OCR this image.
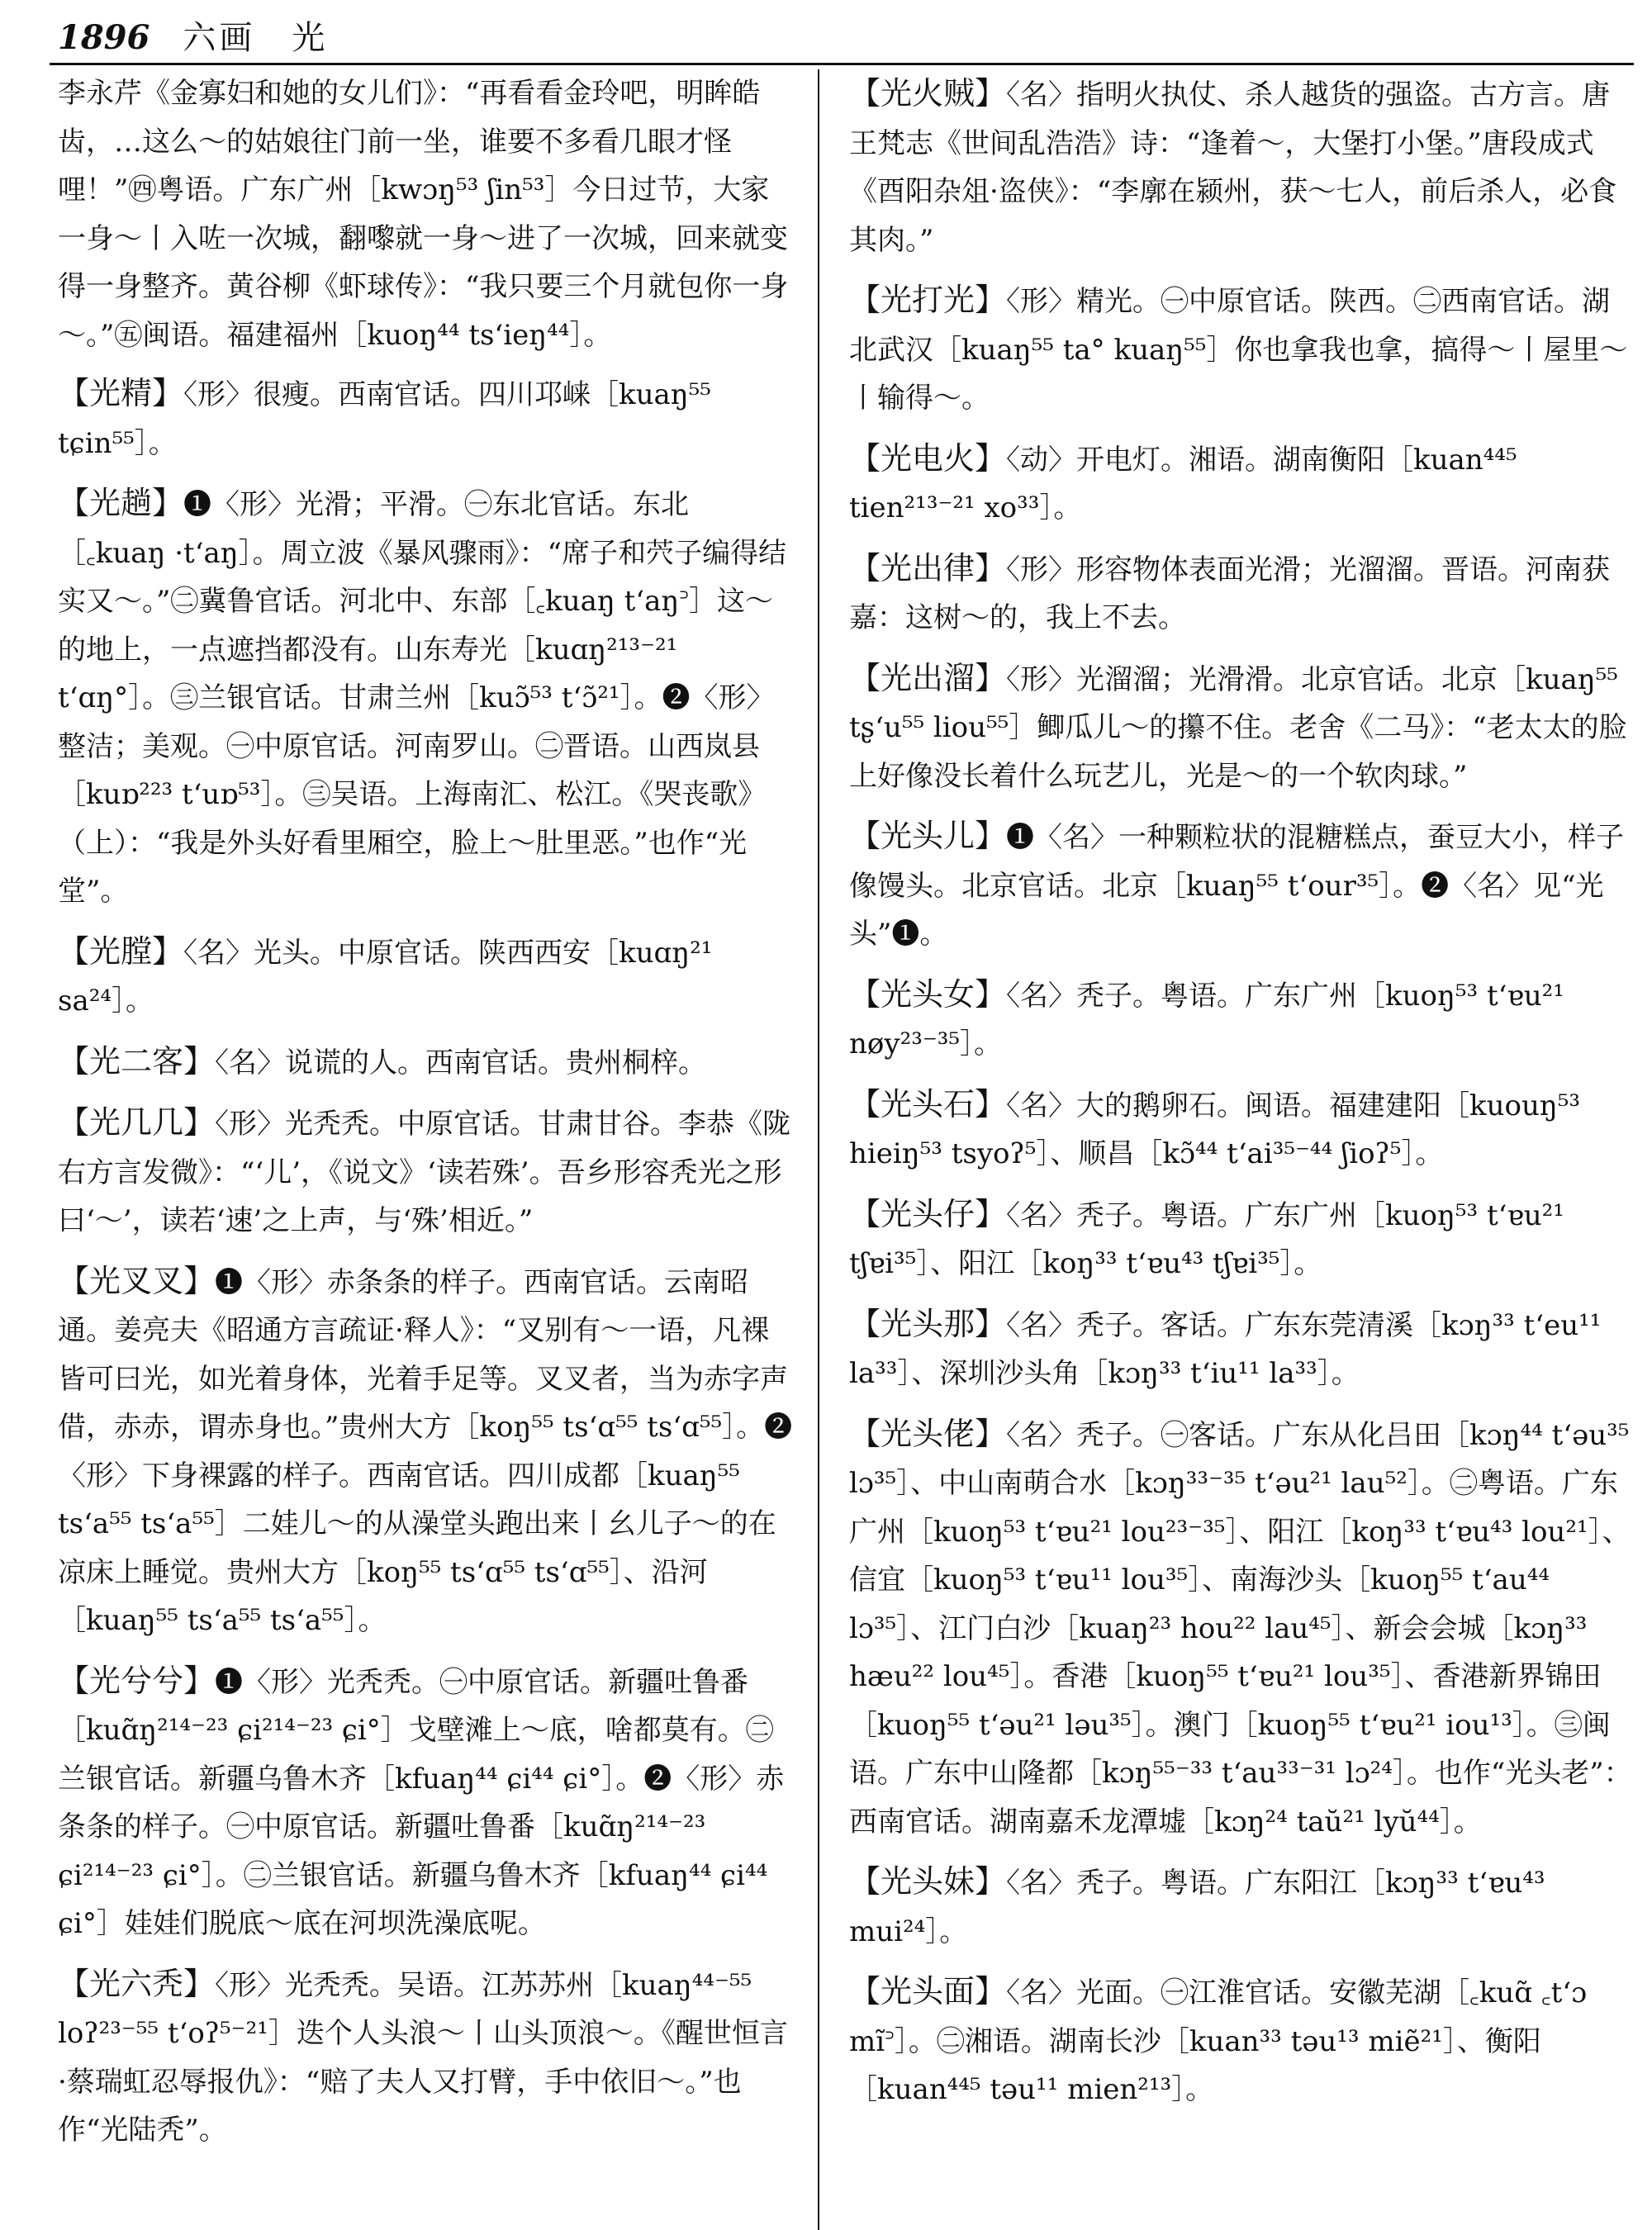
1896 六画　光

李永芹《金寡妇和她的女儿们》：“再看看金玲吧，明眸皓齿，…这么～的姑娘往门前一坐，谁要不多看几眼才怪哩！”㊃粤语。广东广州［kwɔŋ⁵³ ʃin⁵³］今日过节，大家一身～丨入咗一次城，翻嚟就一身～进了一次城，回来就变得一身整齐。黄谷柳《虾球传》：“我只要三个月就包你一身～。”㊄闽语。福建福州［kuoŋ⁴⁴ ts‘ieŋ⁴⁴］。

【光精】〈形〉很瘦。西南官话。四川邛崃［kuaŋ⁵⁵ tɕin⁵⁵］。

【光趟】❶〈形〉光滑；平滑。㊀东北官话。东北［꜀kuaŋ ·t‘aŋ］。周立波《暴风骤雨》：“席子和茓子编得结实又～。”㊁冀鲁官话。河北中、东部［꜀kuaŋ t‘aŋ꜄］这～的地上，一点遮挡都没有。山东寿光［kuɑŋ²¹³⁻²¹ t‘ɑŋ°］。㊂兰银官话。甘肃兰州［kuɔ̃⁵³ t‘ɔ̃²¹］。❷〈形〉整洁；美观。㊀中原官话。河南罗山。㊁晋语。山西岚县［kuɒ²²³ t‘uɒ⁵³］。㊂吴语。上海南汇、松江。《哭丧歌》（上）：“我是外头好看里厢空，脸上～肚里恶。”也作“光堂”。

【光膛】〈名〉光头。中原官话。陕西西安［kuɑŋ²¹ sa²⁴］。

【光二客】〈名〉说谎的人。西南官话。贵州桐梓。

【光几几】〈形〉光秃秃。中原官话。甘肃甘谷。李恭《陇右方言发微》：“‘儿’，《说文》‘读若殊’。吾乡形容秃光之形曰‘～’，读若‘速’之上声，与‘殊’相近。”

【光叉叉】❶〈形〉赤条条的样子。西南官话。云南昭通。姜亮夫《昭通方言疏证·释人》：“叉别有～一语，凡裸皆可曰光，如光着身体，光着手足等。叉叉者，当为赤字声借，赤赤，谓赤身也。”贵州大方［koŋ⁵⁵ ts‘ɑ⁵⁵ ts‘ɑ⁵⁵］。❷〈形〉下身裸露的样子。西南官话。四川成都［kuaŋ⁵⁵ ts‘a⁵⁵ ts‘a⁵⁵］二娃儿～的从澡堂头跑出来丨幺儿子～的在凉床上睡觉。贵州大方［koŋ⁵⁵ ts‘ɑ⁵⁵ ts‘ɑ⁵⁵］、沿河［kuaŋ⁵⁵ ts‘a⁵⁵ ts‘a⁵⁵］。

【光兮兮】❶〈形〉光秃秃。㊀中原官话。新疆吐鲁番［kuɑ̃ŋ²¹⁴⁻²³ ɕi²¹⁴⁻²³ ɕi°］戈壁滩上～底，啥都莫有。㊁兰银官话。新疆乌鲁木齐［kfuaŋ⁴⁴ ɕi⁴⁴ ɕi°］。❷〈形〉赤条条的样子。㊀中原官话。新疆吐鲁番［kuɑ̃ŋ²¹⁴⁻²³ ɕi²¹⁴⁻²³ ɕi°］。㊁兰银官话。新疆乌鲁木齐［kfuaŋ⁴⁴ ɕi⁴⁴ ɕi°］娃娃们脱底～底在河坝洗澡底呢。

【光六秃】〈形〉光秃秃。吴语。江苏苏州［kuaŋ⁴⁴⁻⁵⁵ loʔ²³⁻⁵⁵ t‘oʔ⁵⁻²¹］迭个人头浪～丨山头顶浪～。《醒世恒言·蔡瑞虹忍辱报仇》：“赔了夫人又打臂，手中依旧～。”也作“光陆秃”。

【光火贼】〈名〉指明火执仗、杀人越货的强盗。古方言。唐王梵志《世间乱浩浩》诗：“逢着～，大堡打小堡。”唐段成式《酉阳杂俎·盗侠》：“李廓在颍州，获～七人，前后杀人，必食其肉。”

【光打光】〈形〉精光。㊀中原官话。陕西。㊁西南官话。湖北武汉［kuaŋ⁵⁵ ta° kuaŋ⁵⁵］你也拿我也拿，搞得～丨屋里～丨输得～。

【光电火】〈动〉开电灯。湘语。湖南衡阳［kuan⁴⁴⁵ tien²¹³⁻²¹ xo³³］。

【光出律】〈形〉形容物体表面光滑；光溜溜。晋语。河南获嘉：这树～的，我上不去。

【光出溜】〈形〉光溜溜；光滑滑。北京官话。北京［kuaŋ⁵⁵ tʂ‘u⁵⁵ liou⁵⁵］鲫瓜儿～的攥不住。老舍《二马》：“老太太的脸上好像没长着什么玩艺儿，光是～的一个软肉球。”

【光头儿】❶〈名〉一种颗粒状的混糖糕点，蚕豆大小，样子像馒头。北京官话。北京［kuaŋ⁵⁵ t‘our³⁵］。❷〈名〉见“光头”❶。

【光头女】〈名〉秃子。粤语。广东广州［kuoŋ⁵³ t‘ɐu²¹ nøy²³⁻³⁵］。

【光头石】〈名〉大的鹅卵石。闽语。福建建阳［kuouŋ⁵³ hieiŋ⁵³ tsyoʔ⁵］、顺昌［kɔ̃⁴⁴ t‘ai³⁵⁻⁴⁴ ʃioʔ⁵］。

【光头仔】〈名〉秃子。粤语。广东广州［kuoŋ⁵³ t‘ɐu²¹ tʃɐi³⁵］、阳江［koŋ³³ t‘ɐu⁴³ tʃɐi³⁵］。

【光头那】〈名〉秃子。客话。广东东莞清溪［kɔŋ³³ t‘eu¹¹ la³³］、深圳沙头角［kɔŋ³³ t‘iu¹¹ la³³］。

【光头佬】〈名〉秃子。㊀客话。广东从化吕田［kɔŋ⁴⁴ t‘əu³⁵ lɔ³⁵］、中山南萌合水［kɔŋ³³⁻³⁵ t‘əu²¹ lau⁵²］。㊁粤语。广东广州［kuoŋ⁵³ t‘ɐu²¹ lou²³⁻³⁵］、阳江［koŋ³³ t‘ɐu⁴³ lou²¹］、信宜［kuoŋ⁵³ t‘ɐu¹¹ lou³⁵］、南海沙头［kuoŋ⁵⁵ t‘au⁴⁴ lɔ³⁵］、江门白沙［kuaŋ²³ hou²² lau⁴⁵］、新会会城［kɔŋ³³ hæu²² lou⁴⁵］。香港［kuoŋ⁵⁵ t‘ɐu²¹ lou³⁵］、香港新界锦田［kuoŋ⁵⁵ t‘əu²¹ ləu³⁵］。澳门［kuoŋ⁵⁵ t‘ɐu²¹ iou¹³］。㊂闽语。广东中山隆都［kɔŋ⁵⁵⁻³³ t‘au³³⁻³¹ lɔ²⁴］。也作“光头老”：西南官话。湖南嘉禾龙潭墟［kɔŋ²⁴ taŭ²¹ lyŭ⁴⁴］。

【光头妹】〈名〉秃子。粤语。广东阳江［kɔŋ³³ t‘ɐu⁴³ mui²⁴］。

【光头面】〈名〉光面。㊀江淮官话。安徽芜湖［꜀kuɑ̃ ꜀t‘ɔ mĩ꜄］。㊁湘语。湖南长沙［kuan³³ təu¹³ miẽ²¹］、衡阳［kuan⁴⁴⁵ təu¹¹ mien²¹³］。
